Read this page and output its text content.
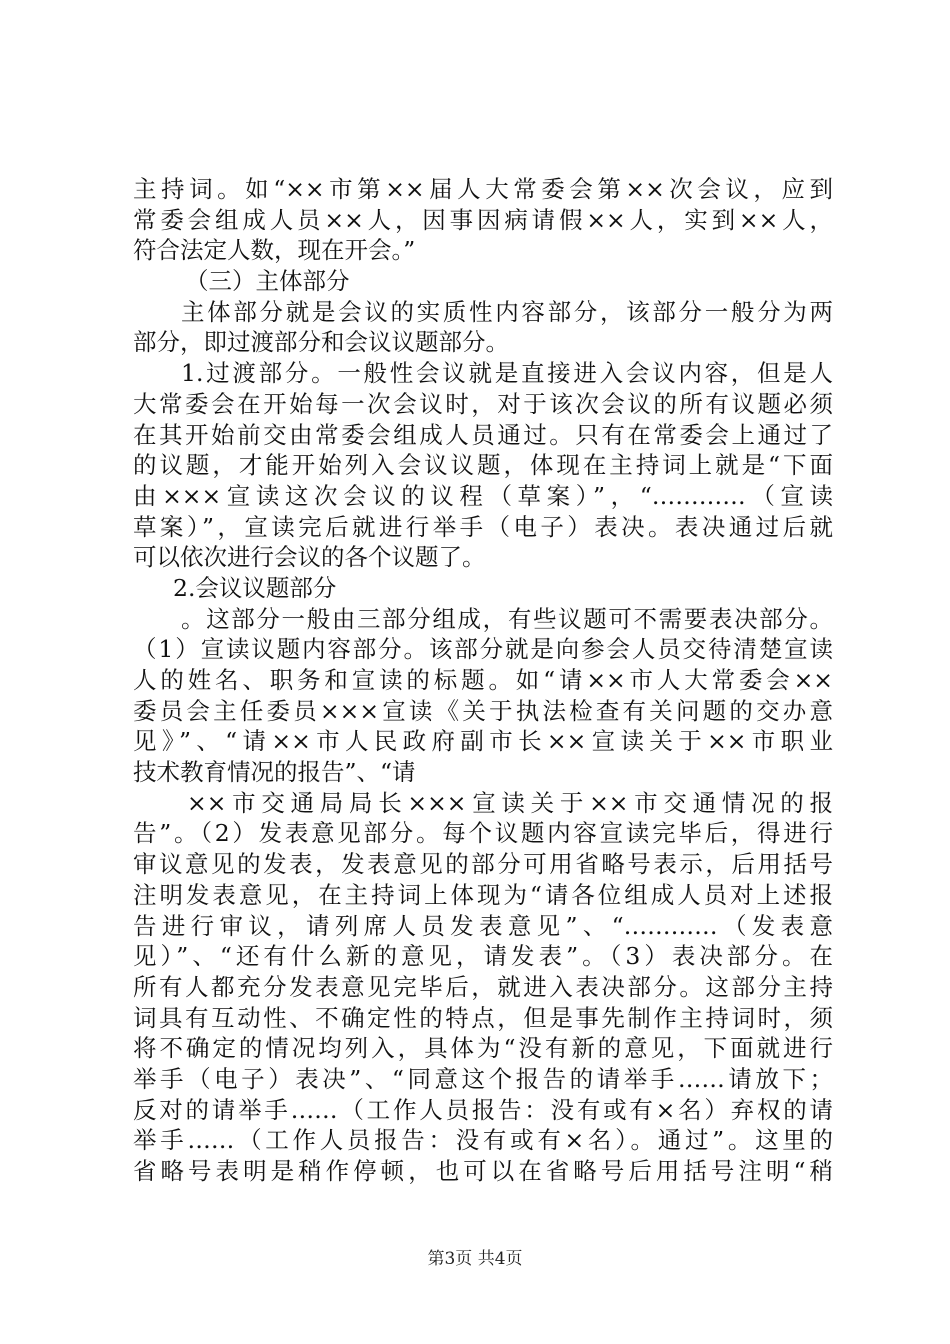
主持词。如“××市第××届人大常委会第××次会议，应到
常委会组成人员××人，因事因病请假××人，实到××人，
符合法定人数，现在开会。”
（三）主体部分
主体部分就是会议的实质性内容部分，该部分一般分为两
部分，即过渡部分和会议议题部分。
1.过渡部分。一般性会议就是直接进入会议内容，但是人
大常委会在开始每一次会议时，对于该次会议的所有议题必须
在其开始前交由常委会组成人员通过。只有在常委会上通过了
的议题，才能开始列入会议议题，体现在主持词上就是“下面
由×××宣读这次会议的议程（草案）”，“…………（宣读
草案）”，宣读完后就进行举手（电子）表决。表决通过后就
可以依次进行会议的各个议题了。
2.会议议题部分
。这部分一般由三部分组成，有些议题可不需要表决部分。
（1）宣读议题内容部分。该部分就是向参会人员交待清楚宣读
人的姓名、职务和宣读的标题。如“请××市人大常委会××
委员会主任委员×××宣读《关于执法检查有关问题的交办意
见》”、“请××市人民政府副市长××宣读关于××市职业
技术教育情况的报告”、“请
××市交通局局长×××宣读关于××市交通情况的报
告”。（2）发表意见部分。每个议题内容宣读完毕后，得进行
审议意见的发表，发表意见的部分可用省略号表示，后用括号
注明发表意见，在主持词上体现为“请各位组成人员对上述报
告进行审议，请列席人员发表意见”、“…………（发表意
见）”、“还有什么新的意见，请发表”。（3）表决部分。在
所有人都充分发表意见完毕后，就进入表决部分。这部分主持
词具有互动性、不确定性的特点，但是事先制作主持词时，须
将不确定的情况均列入，具体为“没有新的意见，下面就进行
举手（电子）表决”、“同意这个报告的请举手……请放下；
反对的请举手……（工作人员报告：没有或有×名）弃权的请
举手……（工作人员报告：没有或有×名）。通过”。这里的
省略号表明是稍作停顿，也可以在省略号后用括号注明“稍
第3页 共4页
